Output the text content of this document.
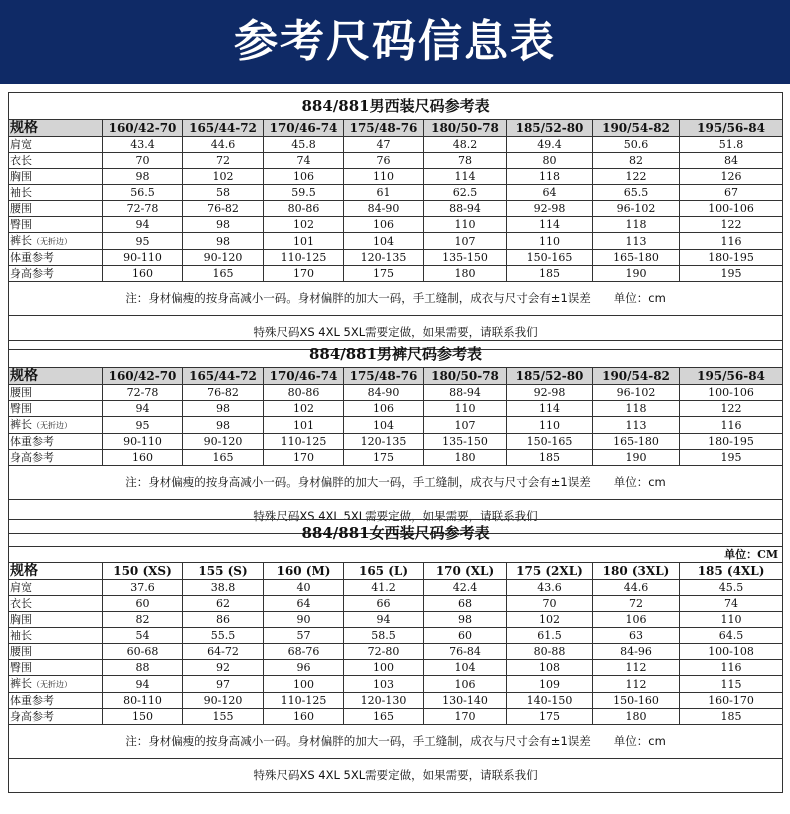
参考尺码信息表
884/881男西装尺码参考表								
规格	160/42-70	165/44-72	170/46-74	175/48-76	180/50-78	185/52-80	190/54-82	195/56-84
肩宽	43.4	44.6	45.8	47	48.2	49.4	50.6	51.8
衣长	70	72	74	76	78	80	82	84
胸围	98	102	106	110	114	118	122	126
袖长	56.5	58	59.5	61	62.5	64	65.5	67
腰围	72-78	76-82	80-86	84-90	88-94	92-98	96-102	100-106
臀围	94	98	102	106	110	114	118	122
裤长（无折边）	95	98	101	104	107	110	113	116
体重参考	90-110	90-120	110-125	120-135	135-150	150-165	165-180	180-195
身高参考	160	165	170	175	180	185	190	195
注：身材偏瘦的按身高减小一码。身材偏胖的加大一码，手工缝制，成衣与尺寸会有±1误差　　单位：cm								
特殊尺码XS 4XL 5XL需要定做，如果需要，请联系我们								
884/881男裤尺码参考表								
规格	160/42-70	165/44-72	170/46-74	175/48-76	180/50-78	185/52-80	190/54-82	195/56-84
腰围	72-78	76-82	80-86	84-90	88-94	92-98	96-102	100-106
臀围	94	98	102	106	110	114	118	122
裤长（无折边）	95	98	101	104	107	110	113	116
体重参考	90-110	90-120	110-125	120-135	135-150	150-165	165-180	180-195
身高参考	160	165	170	175	180	185	190	195
注：身材偏瘦的按身高减小一码。身材偏胖的加大一码，手工缝制，成衣与尺寸会有±1误差　　单位：cm								
特殊尺码XS 4XL 5XL需要定做，如果需要，请联系我们								
884/881女西装尺码参考表								
单位：CM								
规格	150 (XS)	155 (S)	160 (M)	165 (L)	170 (XL)	175 (2XL)	180 (3XL)	185 (4XL)
肩宽	37.6	38.8	40	41.2	42.4	43.6	44.6	45.5
衣长	60	62	64	66	68	70	72	74
胸围	82	86	90	94	98	102	106	110
袖长	54	55.5	57	58.5	60	61.5	63	64.5
腰围	60-68	64-72	68-76	72-80	76-84	80-88	84-96	100-108
臀围	88	92	96	100	104	108	112	116
裤长（无折边）	94	97	100	103	106	109	112	115
体重参考	80-110	90-120	110-125	120-130	130-140	140-150	150-160	160-170
身高参考	150	155	160	165	170	175	180	185
注：身材偏瘦的按身高减小一码。身材偏胖的加大一码，手工缝制，成衣与尺寸会有±1误差　　单位：cm								
特殊尺码XS 4XL 5XL需要定做，如果需要，请联系我们								
